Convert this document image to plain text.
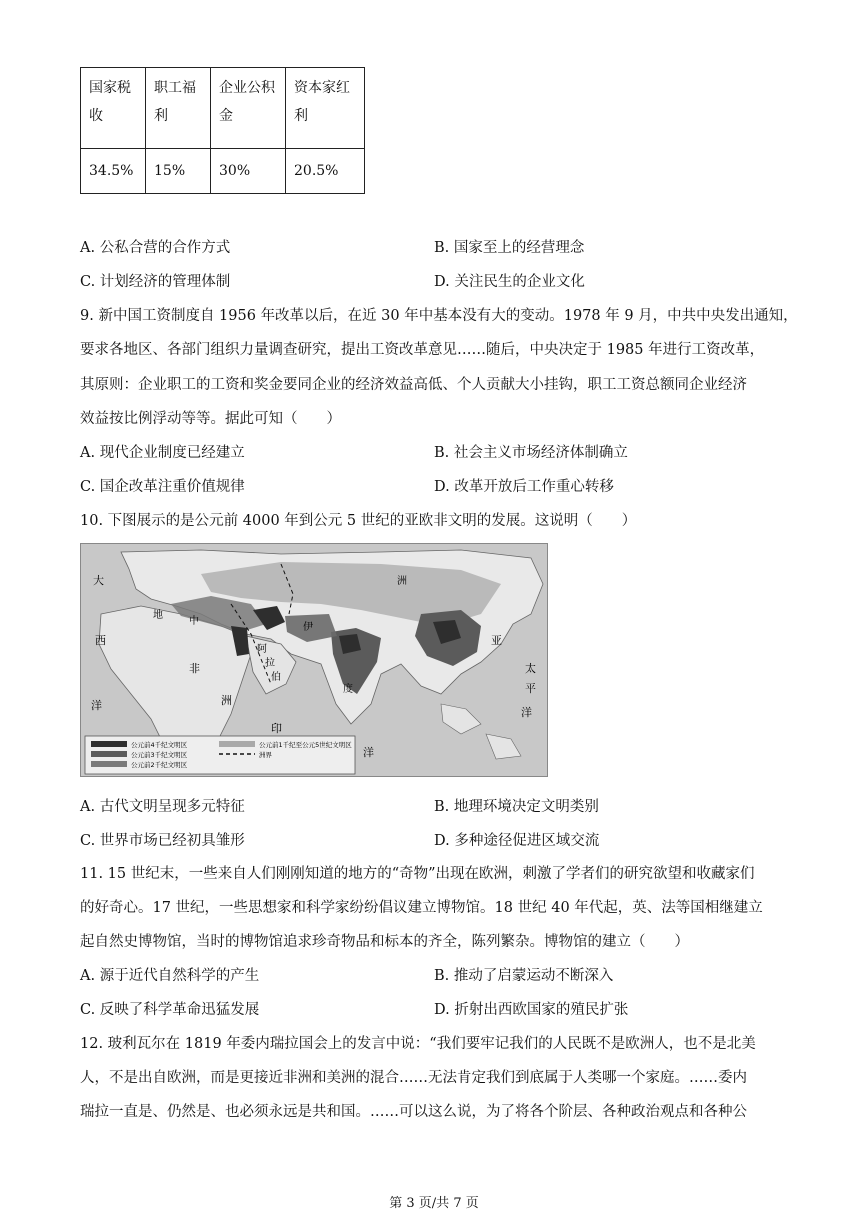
国家税收	职工福利	企业公积金	资本家红利
34.5%	15%	30%	20.5%
A. 公私合营的合作方式	B. 国家至上的经营理念
C. 计划经济的管理体制	D. 关注民生的企业文化
9. 新中国工资制度自 1956 年改革以后，在近 30 年中基本没有大的变动。1978 年 9 月，中共中央发出通知，
要求各地区、各部门组织力量调查研究，提出工资改革意见……随后，中央决定于 1985 年进行工资改革，
其原则：企业职工的工资和奖金要同企业的经济效益高低、个人贡献大小挂钩，职工工资总额同企业经济
效益按比例浮动等等。据此可知（　　）
A. 现代企业制度已经建立	B. 社会主义市场经济体制确立
C. 国企改革注重价值规律	D. 改革开放后工作重心转移
10. 下图展示的是公元前 4000 年到公元 5 世纪的亚欧非文明的发展。这说明（　　）
大
西
洋
地
中
非
洲
阿
拉
伯
印
度
洋
亚
洲
太
平
洋
伊
公元前4千纪文明区
公元前3千纪文明区
公元前2千纪文明区
公元前1千纪至公元5世纪文明区
洲界
A. 古代文明呈现多元特征	B. 地理环境决定文明类别
C. 世界市场已经初具雏形	D. 多种途径促进区域交流
11. 15 世纪末，一些来自人们刚刚知道的地方的“奇物”出现在欧洲，刺激了学者们的研究欲望和收藏家们
的好奇心。17 世纪，一些思想家和科学家纷纷倡议建立博物馆。18 世纪 40 年代起，英、法等国相继建立
起自然史博物馆，当时的博物馆追求珍奇物品和标本的齐全，陈列繁杂。博物馆的建立（　　）
A. 源于近代自然科学的产生	B. 推动了启蒙运动不断深入
C. 反映了科学革命迅猛发展	D. 折射出西欧国家的殖民扩张
12. 玻利瓦尔在 1819 年委内瑞拉国会上的发言中说：“我们要牢记我们的人民既不是欧洲人，也不是北美
人，不是出自欧洲，而是更接近非洲和美洲的混合……无法肯定我们到底属于人类哪一个家庭。……委内
瑞拉一直是、仍然是、也必须永远是共和国。……可以这么说，为了将各个阶层、各种政治观点和各种公
第 3 页/共 7 页
